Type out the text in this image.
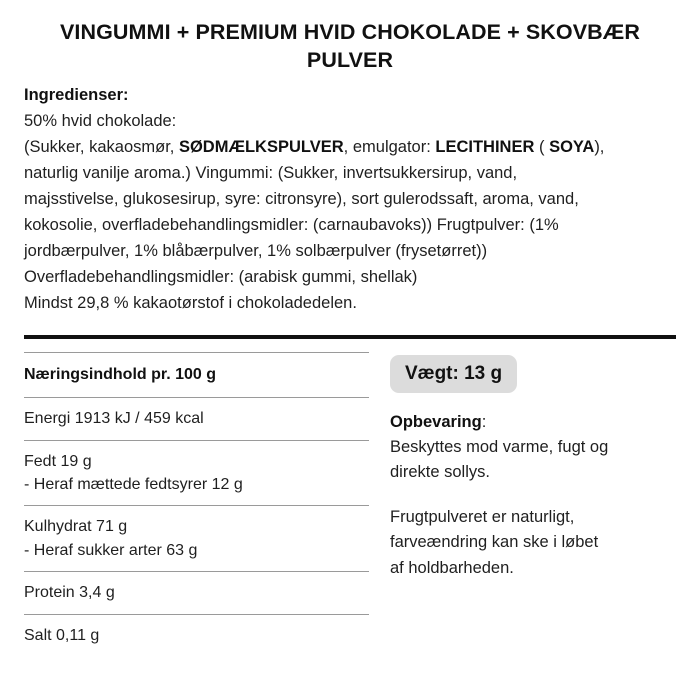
VINGUMMI + PREMIUM HVID CHOKOLADE + SKOVBÆR PULVER
Ingredienser:

50% hvid chokolade:

(Sukker, kakaosmør, SØDMÆLKSPULVER, emulgator: LECITHINER ( SOYA),

naturlig vanilje aroma.) Vingummi: (Sukker, invertsukkersirup, vand,

majsstivelse, glukosesirup, syre: citronsyre), sort gulerodssaft, aroma, vand,

kokosolie, overfladebehandlingsmidler: (carnaubavoks)) Frugtpulver: (1%

jordbærpulver, 1% blåbærpulver, 1% solbærpulver (frysetørret))

Overfladebehandlingsmidler: (arabisk gummi, shellak)

Mindst 29,8 % kakaotørstof i chokoladedelen.

Næringsindhold pr. 100 g
Energi 1913 kJ / 459 kcal
Fedt 19 g
- Heraf mættede fedtsyrer 12 g
Kulhydrat 71 g
- Heraf sukker arter 63 g
Protein 3,4 g
Salt 0,11 g
Vægt: 13 g

Opbevaring:

Beskyttes mod varme, fugt og

direkte sollys.

Frugtpulveret er naturligt,

farveændring kan ske i løbet

af holdbarheden.
